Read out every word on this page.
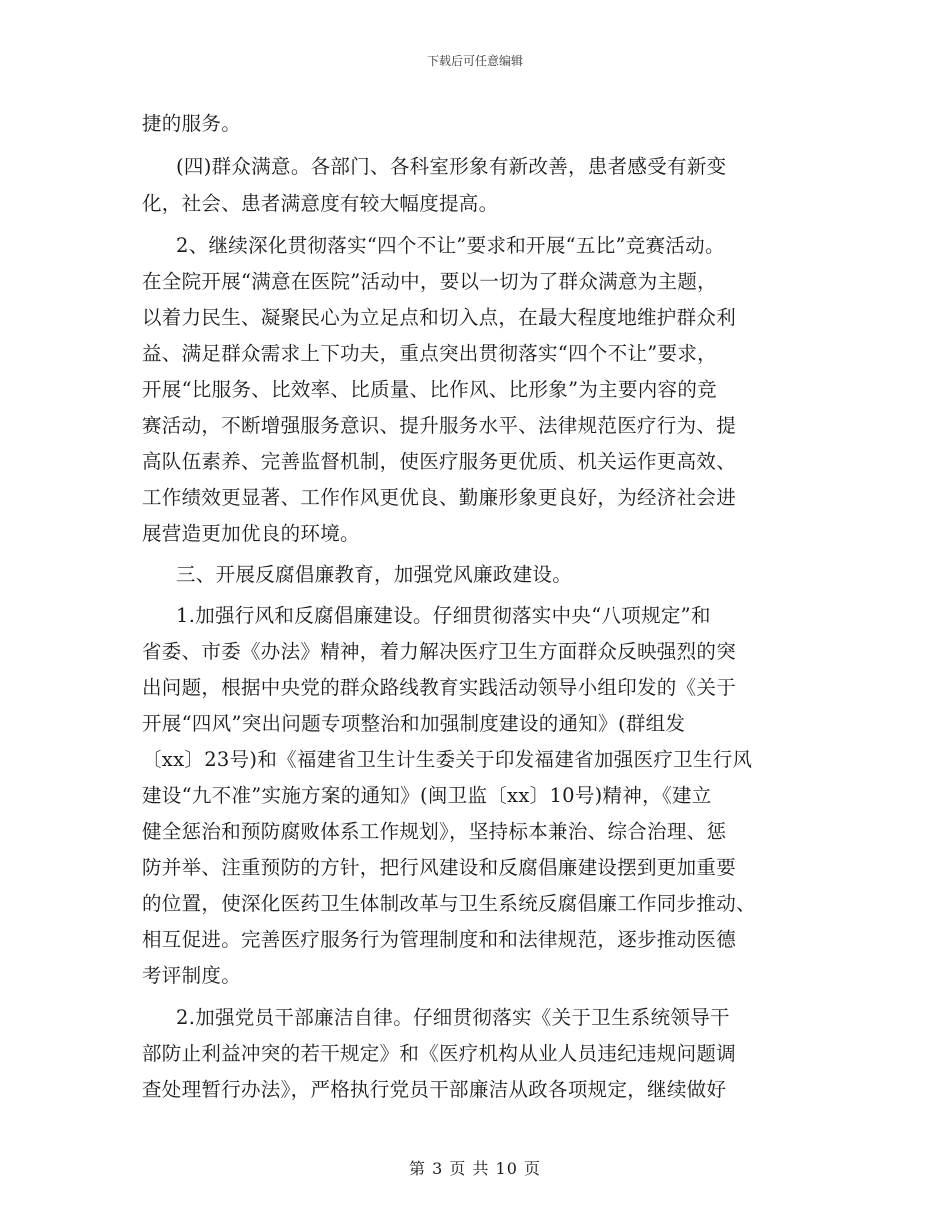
下载后可任意编辑
捷的服务。
(四)群众满意。各部门、各科室形象有新改善，患者感受有新变
化，社会、患者满意度有较大幅度提高。
2、继续深化贯彻落实“四个不让”要求和开展“五比”竞赛活动。
在全院开展“满意在医院”活动中，要以一切为了群众满意为主题，
以着力民生、凝聚民心为立足点和切入点，在最大程度地维护群众利
益、满足群众需求上下功夫，重点突出贯彻落实“四个不让”要求，
开展“比服务、比效率、比质量、比作风、比形象”为主要内容的竞
赛活动，不断增强服务意识、提升服务水平、法律规范医疗行为、提
高队伍素养、完善监督机制，使医疗服务更优质、机关运作更高效、
工作绩效更显著、工作作风更优良、勤廉形象更良好，为经济社会进
展营造更加优良的环境。
三、开展反腐倡廉教育，加强党风廉政建设。
1.加强行风和反腐倡廉建设。仔细贯彻落实中央“八项规定”和
省委、市委《办法》精神，着力解决医疗卫生方面群众反映强烈的突
出问题，根据中央党的群众路线教育实践活动领导小组印发的《关于
开展“四风”突出问题专项整治和加强制度建设的通知》(群组发
〔xx〕23号)和《福建省卫生计生委关于印发福建省加强医疗卫生行风
建设“九不准”实施方案的通知》(闽卫监〔xx〕10号)精神，《建立
健全惩治和预防腐败体系工作规划》，坚持标本兼治、综合治理、惩
防并举、注重预防的方针，把行风建设和反腐倡廉建设摆到更加重要
的位置，使深化医药卫生体制改革与卫生系统反腐倡廉工作同步推动、
相互促进。完善医疗服务行为管理制度和和法律规范，逐步推动医德
考评制度。
2.加强党员干部廉洁自律。仔细贯彻落实《关于卫生系统领导干
部防止利益冲突的若干规定》和《医疗机构从业人员违纪违规问题调
查处理暂行办法》，严格执行党员干部廉洁从政各项规定，继续做好
第 3 页 共 10 页
